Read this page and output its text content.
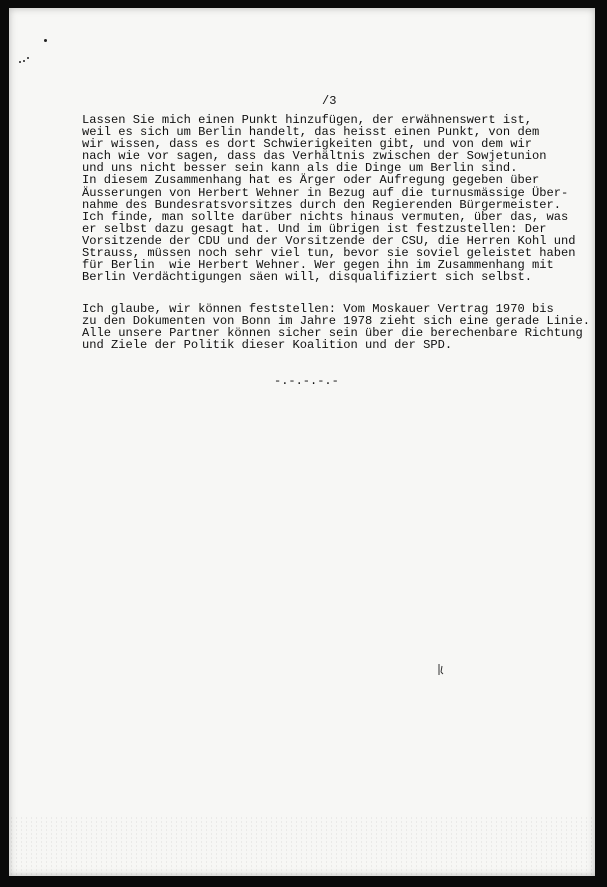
/3

Lassen Sie mich einen Punkt hinzufügen, der erwähnenswert ist,
weil es sich um Berlin handelt, das heisst einen Punkt, von dem
wir wissen, dass es dort Schwierigkeiten gibt, und von dem wir
nach wie vor sagen, dass das Verhältnis zwischen der Sowjetunion
und uns nicht besser sein kann als die Dinge um Berlin sind.
In diesem Zusammenhang hat es Ärger oder Aufregung gegeben über
Äusserungen von Herbert Wehner in Bezug auf die turnusmässige Über-
nahme des Bundesratsvorsitzes durch den Regierenden Bürgermeister.
Ich finde, man sollte darüber nichts hinaus vermuten, über das, was
er selbst dazu gesagt hat. Und im übrigen ist festzustellen: Der
Vorsitzende der CDU und der Vorsitzende der CSU, die Herren Kohl und
Strauss, müssen noch sehr viel tun, bevor sie soviel geleistet haben
für Berlin  wie Herbert Wehner. Wer gegen ihn im Zusammenhang mit
Berlin Verdächtigungen säen will, disqualifiziert sich selbst.

Ich glaube, wir können feststellen: Vom Moskauer Vertrag 1970 bis
zu den Dokumenten von Bonn im Jahre 1978 zieht sich eine gerade Linie.
Alle unsere Partner können sicher sein über die berechenbare Richtung
und Ziele der Politik dieser Koalition und der SPD.

-.-.-.-.-
